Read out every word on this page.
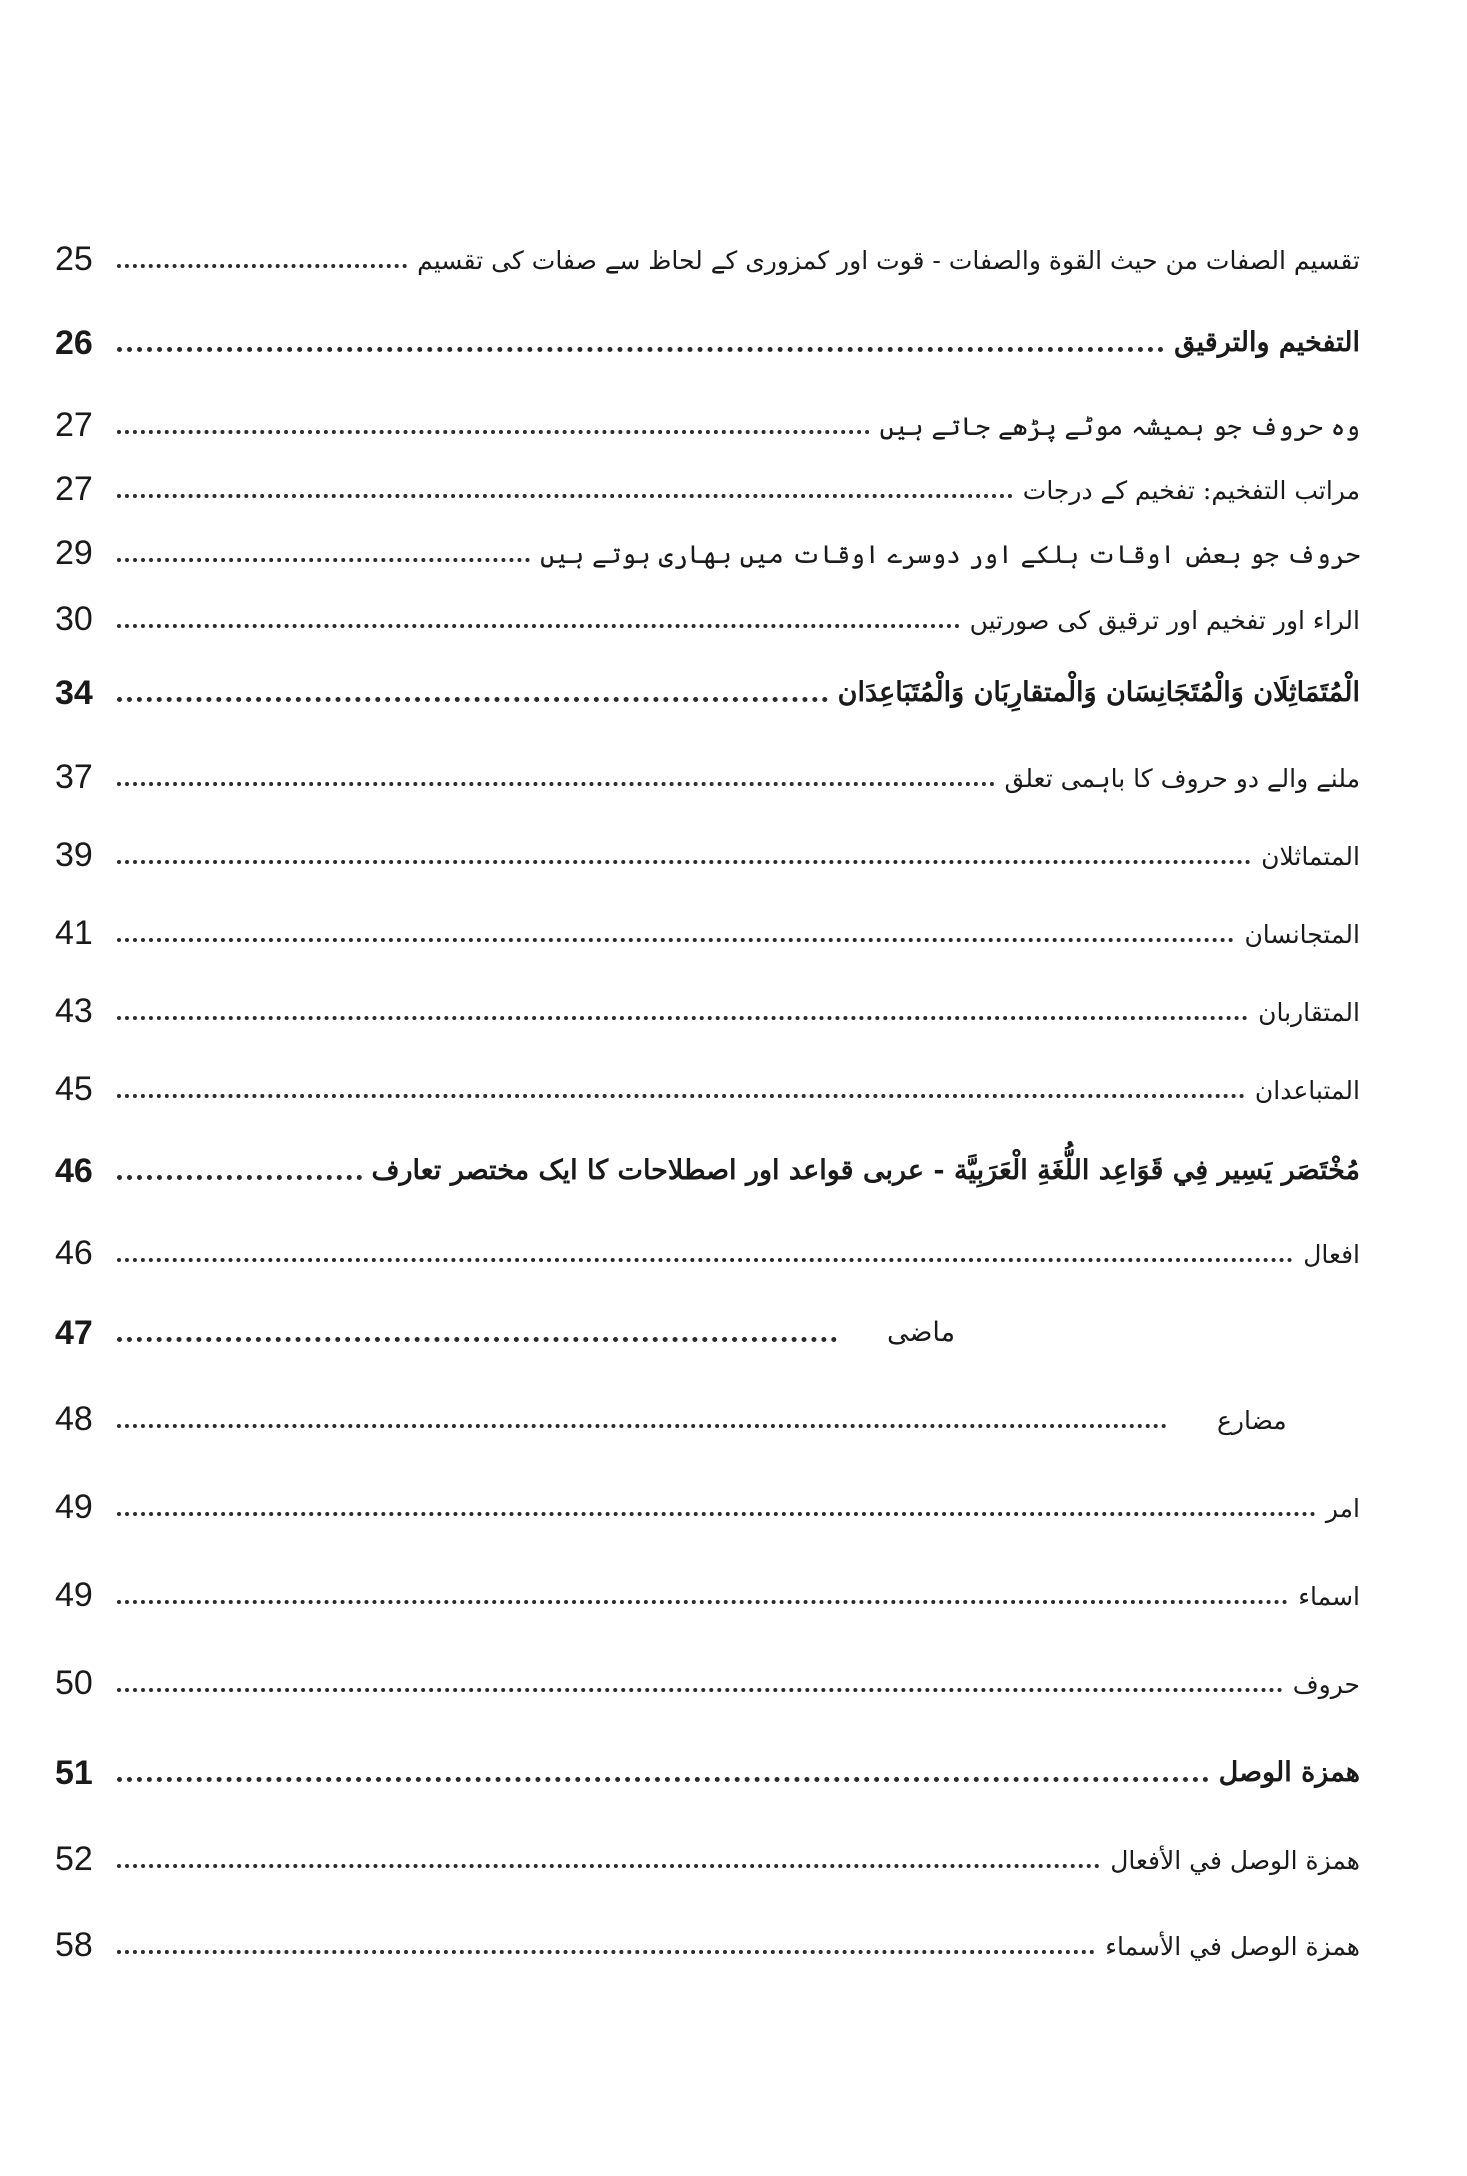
25	تقسيم الصفات من حيث القوة والصفات - قوت اور کمزوری کے لحاظ سے صفات کی تقسیم
26	التفخيم والترقيق
27	وہ حروف جو ہمیشہ موٹے پڑھے جاتے ہیں
27	مراتب التفخيم: تفخیم کے درجات
29	حروف جو بعض اوقات ہلکے اور دوسرے اوقات میں بھاری ہوتے ہیں
30	الراء اور تفخیم اور ترقیق کی صورتیں
34	الْمُتَمَاثِلَان وَالْمُتَجَانِسَان وَالْمتقارِبَان وَالْمُتَبَاعِدَان
37	ملنے والے دو حروف کا باہمی تعلق
39	المتماثلان
41	المتجانسان
43	المتقاربان
45	المتباعدان
46	مُخْتَصَر يَسِير فِي قَوَاعِد اللُّغَةِ الْعَرَبِيَّة - عربی قواعد اور اصطلاحات کا ایک مختصر تعارف
46	افعال
47	ماضی
48	مضارع
49	امر
49	اسماء
50	حروف
51	همزة الوصل
52	همزة الوصل في الأفعال
58	همزة الوصل في الأسماء
